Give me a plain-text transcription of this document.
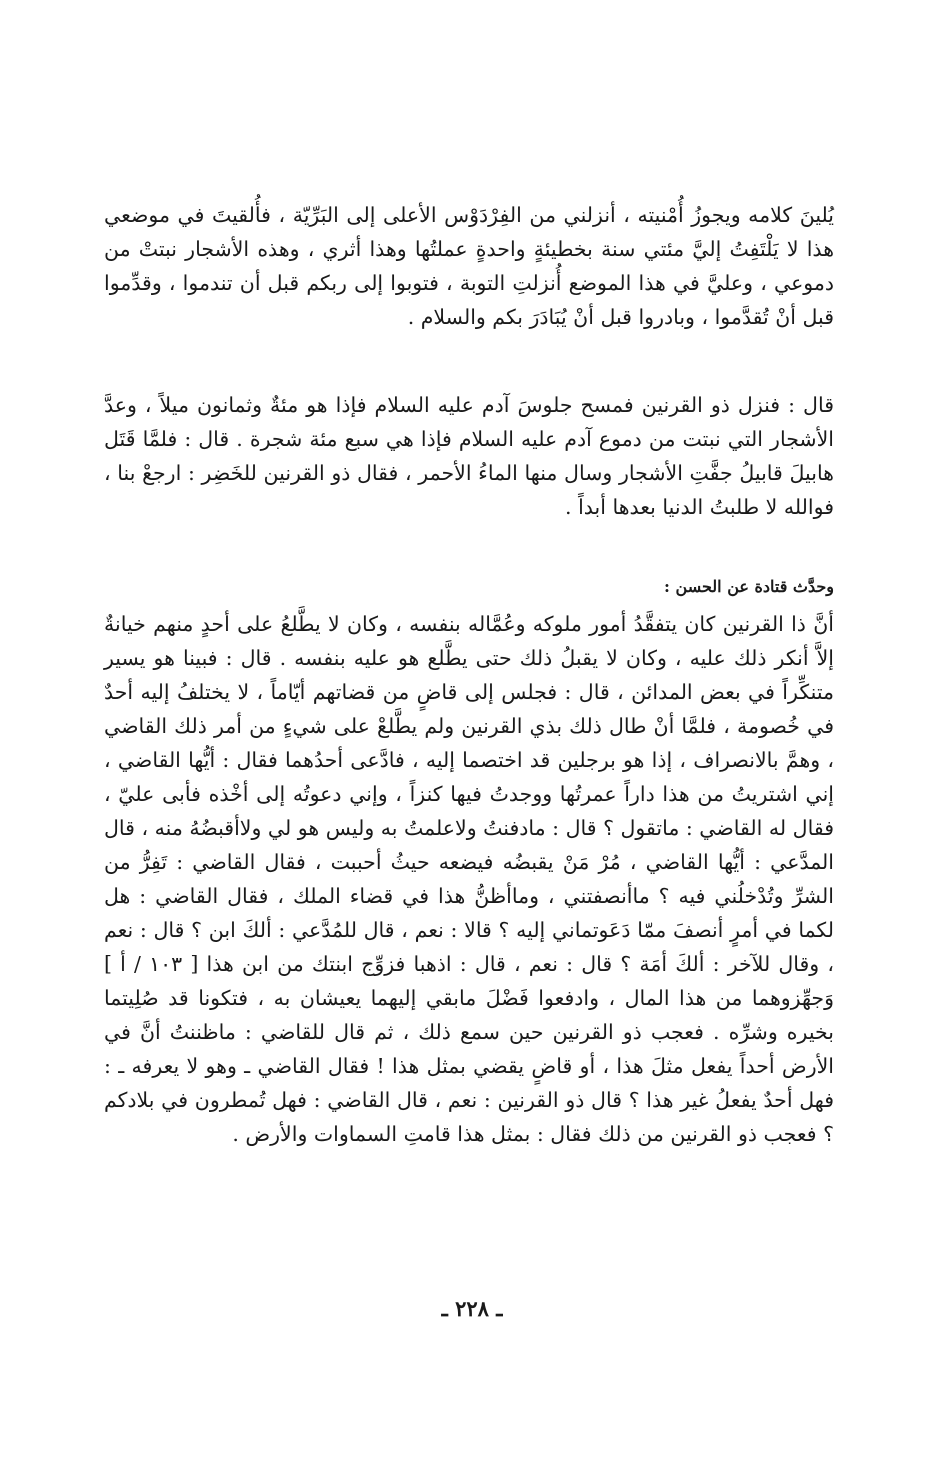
يُلينَ كلامه ويجوزُ أُمْنيته ، أنزلني من الفِرْدَوْس الأعلى إلى البَرِّيّة ، فأُلقيتَ في موضعي هذا لا يَلْتَفِتُ إليَّ مئتي سنة بخطيئةٍ واحدةٍ عملتُها وهذا أثري ، وهذه الأشجار نبتتْ من دموعي ، وعليَّ في هذا الموضع أُنزلتِ التوبة ، فتوبوا إلى ربكم قبل أن تندموا ، وقدِّموا قبل أنْ تُقدَّموا ، وبادروا قبل أنْ يُبَادَرَ بكم والسلام .

قال : فنزل ذو القرنين فمسح جلوسَ آدم عليه السلام فإذا هو مئةٌ وثمانون ميلاً ، وعدَّ الأشجار التي نبتت من دموع آدم عليه السلام فإذا هي سبع مئة شجرة . قال : فلمَّا قَتَل هابيلَ قابيلُ جفَّتِ الأشجار وسال منها الماءُ الأحمر ، فقال ذو القرنين للخَضِر : ارجعْ بنا ، فوالله لا طلبتُ الدنيا بعدها أبداً .

وحدَّث قتادة عن الحسن :

أنَّ ذا القرنين كان يتفقَّدُ أمور ملوكه وعُمَّاله بنفسه ، وكان لا يطَّلعُ على أحدٍ منهم خيانةٌ إلاَّ أنكر ذلك عليه ، وكان لا يقبلُ ذلك حتى يطَّلع هو عليه بنفسه . قال : فبينا هو يسير متنكِّراً في بعض المدائن ، قال : فجلس إلى قاضٍ من قضاتهم أيّاماً ، لا يختلفُ إليه أحدٌ في خُصومة ، فلمَّا أنْ طال ذلك بذي القرنين ولم يطَّلعْ على شيءٍ من أمر ذلك القاضي ، وهمَّ بالانصراف ، إذا هو برجلين قد اختصما إليه ، فادَّعى أحدُهما فقال : أيُّها القاضي ، إني اشتريتُ من هذا داراً عمرتُها ووجدتُ فيها كنزاً ، وإني دعوتُه إلى أخْذه فأبى عليّ ، فقال له القاضي : ماتقول ؟ قال : مادفنتُ ولاعلمتُ به وليس هو لي ولاأقبضُهُ منه ، قال المدَّعي : أيُّها القاضي ، مُرْ مَنْ يقبضُه فيضعه حيثُ أحببت ، فقال القاضي : تَفِرُّ من الشرِّ وتُدْخلُني فيه ؟ ماأنصفتني ، وماأظنُّ هذا في قضاء الملك ، فقال القاضي : هل لكما في أمرٍ أنصفَ ممّا دَعَوتماني إليه ؟ قالا : نعم ، قال للمُدَّعي : ألكَ ابن ؟ قال : نعم ، وقال للآخر : ألكَ أمَة ؟ قال : نعم ، قال : اذهبا فزوِّج ابنتك من ابن هذا [ ١٠٣ / أ ] وَجهِّزوهما من هذا المال ، وادفعوا فَضْلَ مابقي إليهما يعيشان به ، فتكونا قد صُلِيتما بخيره وشرِّه . فعجب ذو القرنين حين سمع ذلك ، ثم قال للقاضي : ماظننتُ أنَّ في الأرض أحداً يفعل مثلَ هذا ، أو قاضٍ يقضي بمثل هذا ! فقال القاضي ـ وهو لا يعرفه ـ : فهل أحدٌ يفعلُ غير هذا ؟ قال ذو القرنين : نعم ، قال القاضي : فهل تُمطرون في بلادكم ؟ فعجب ذو القرنين من ذلك فقال : بمثل هذا قامتِ السماوات والأرض .

ـ ٢٢٨ ـ
